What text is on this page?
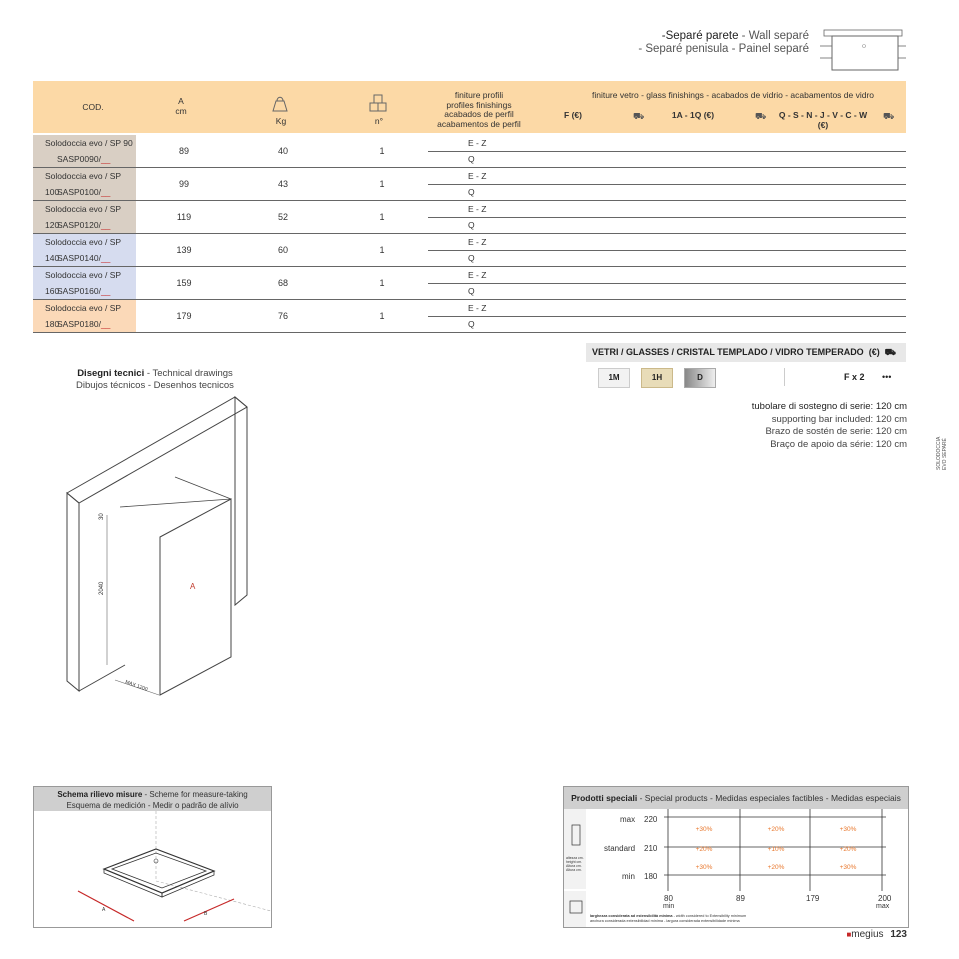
-Separé parete - Wall separé
- Separé penisula - Painel separé
COD.
A
cm
Kg	n°
finiture profili
profiles finishings
acabados de perfil
acabamentos de perfil
finiture vetro - glass finishings - acabados de vidrio - acabamentos de vidro
F (€)	⛟	1A - 1Q (€)	⛟	Q - S - N - J - V - C - W (€)
⛟
Solodoccia evo / SP 90
SASP0090/__
89	40	1
E - Z
Q
Solodoccia evo / SP 100
SASP0100/__
99	43	1
E - Z
Q
Solodoccia evo / SP 120
SASP0120/__
119	52	1
E - Z
Q
Solodoccia evo / SP 140
SASP0140/__
139	60	1
E - Z
Q
Solodoccia evo / SP 160
SASP0160/__
159	68	1
E - Z
Q
Solodoccia evo / SP 180
SASP0180/__
179	76	1
E - Z
Q
VETRI / GLASSES / CRISTAL TEMPLADO / VIDRO TEMPERADO (€) ⛟
1M	1H	D	F x 2 •••
tubolare di sostegno di serie: 120 cm
supporting bar included: 120 cm
Brazo de sostén de serie: 120 cm
Braço de apoio da série: 120 cm	SOLODOCCIA EVO SEPARÉ
Disegni tecnici - Technical drawings
Dibujos técnicos - Desenhos tecnicos
30
2040	A
MAX 1200
Schema rilievo misure - Scheme for measure-taking
Esquema de medición - Medir o padrão de alívio
A
B
Prodotti speciali - Special products - Medidas especiales factibles - Medidas especiais
altezza cm.
height cm.
Altura cm.
Altura cm.
max 220
standard 210
min 180
80
min
89	179	200
max
+30%	+20%	+30%
+20%	+10%	+20%
+30%	+20%	+30%
larghezza considerata ad estensibilità minima - width considered to Extensibility minimum
anchura considerada extensibilidad mínima - largura considerada extensibilidade mínima
■megius 123
